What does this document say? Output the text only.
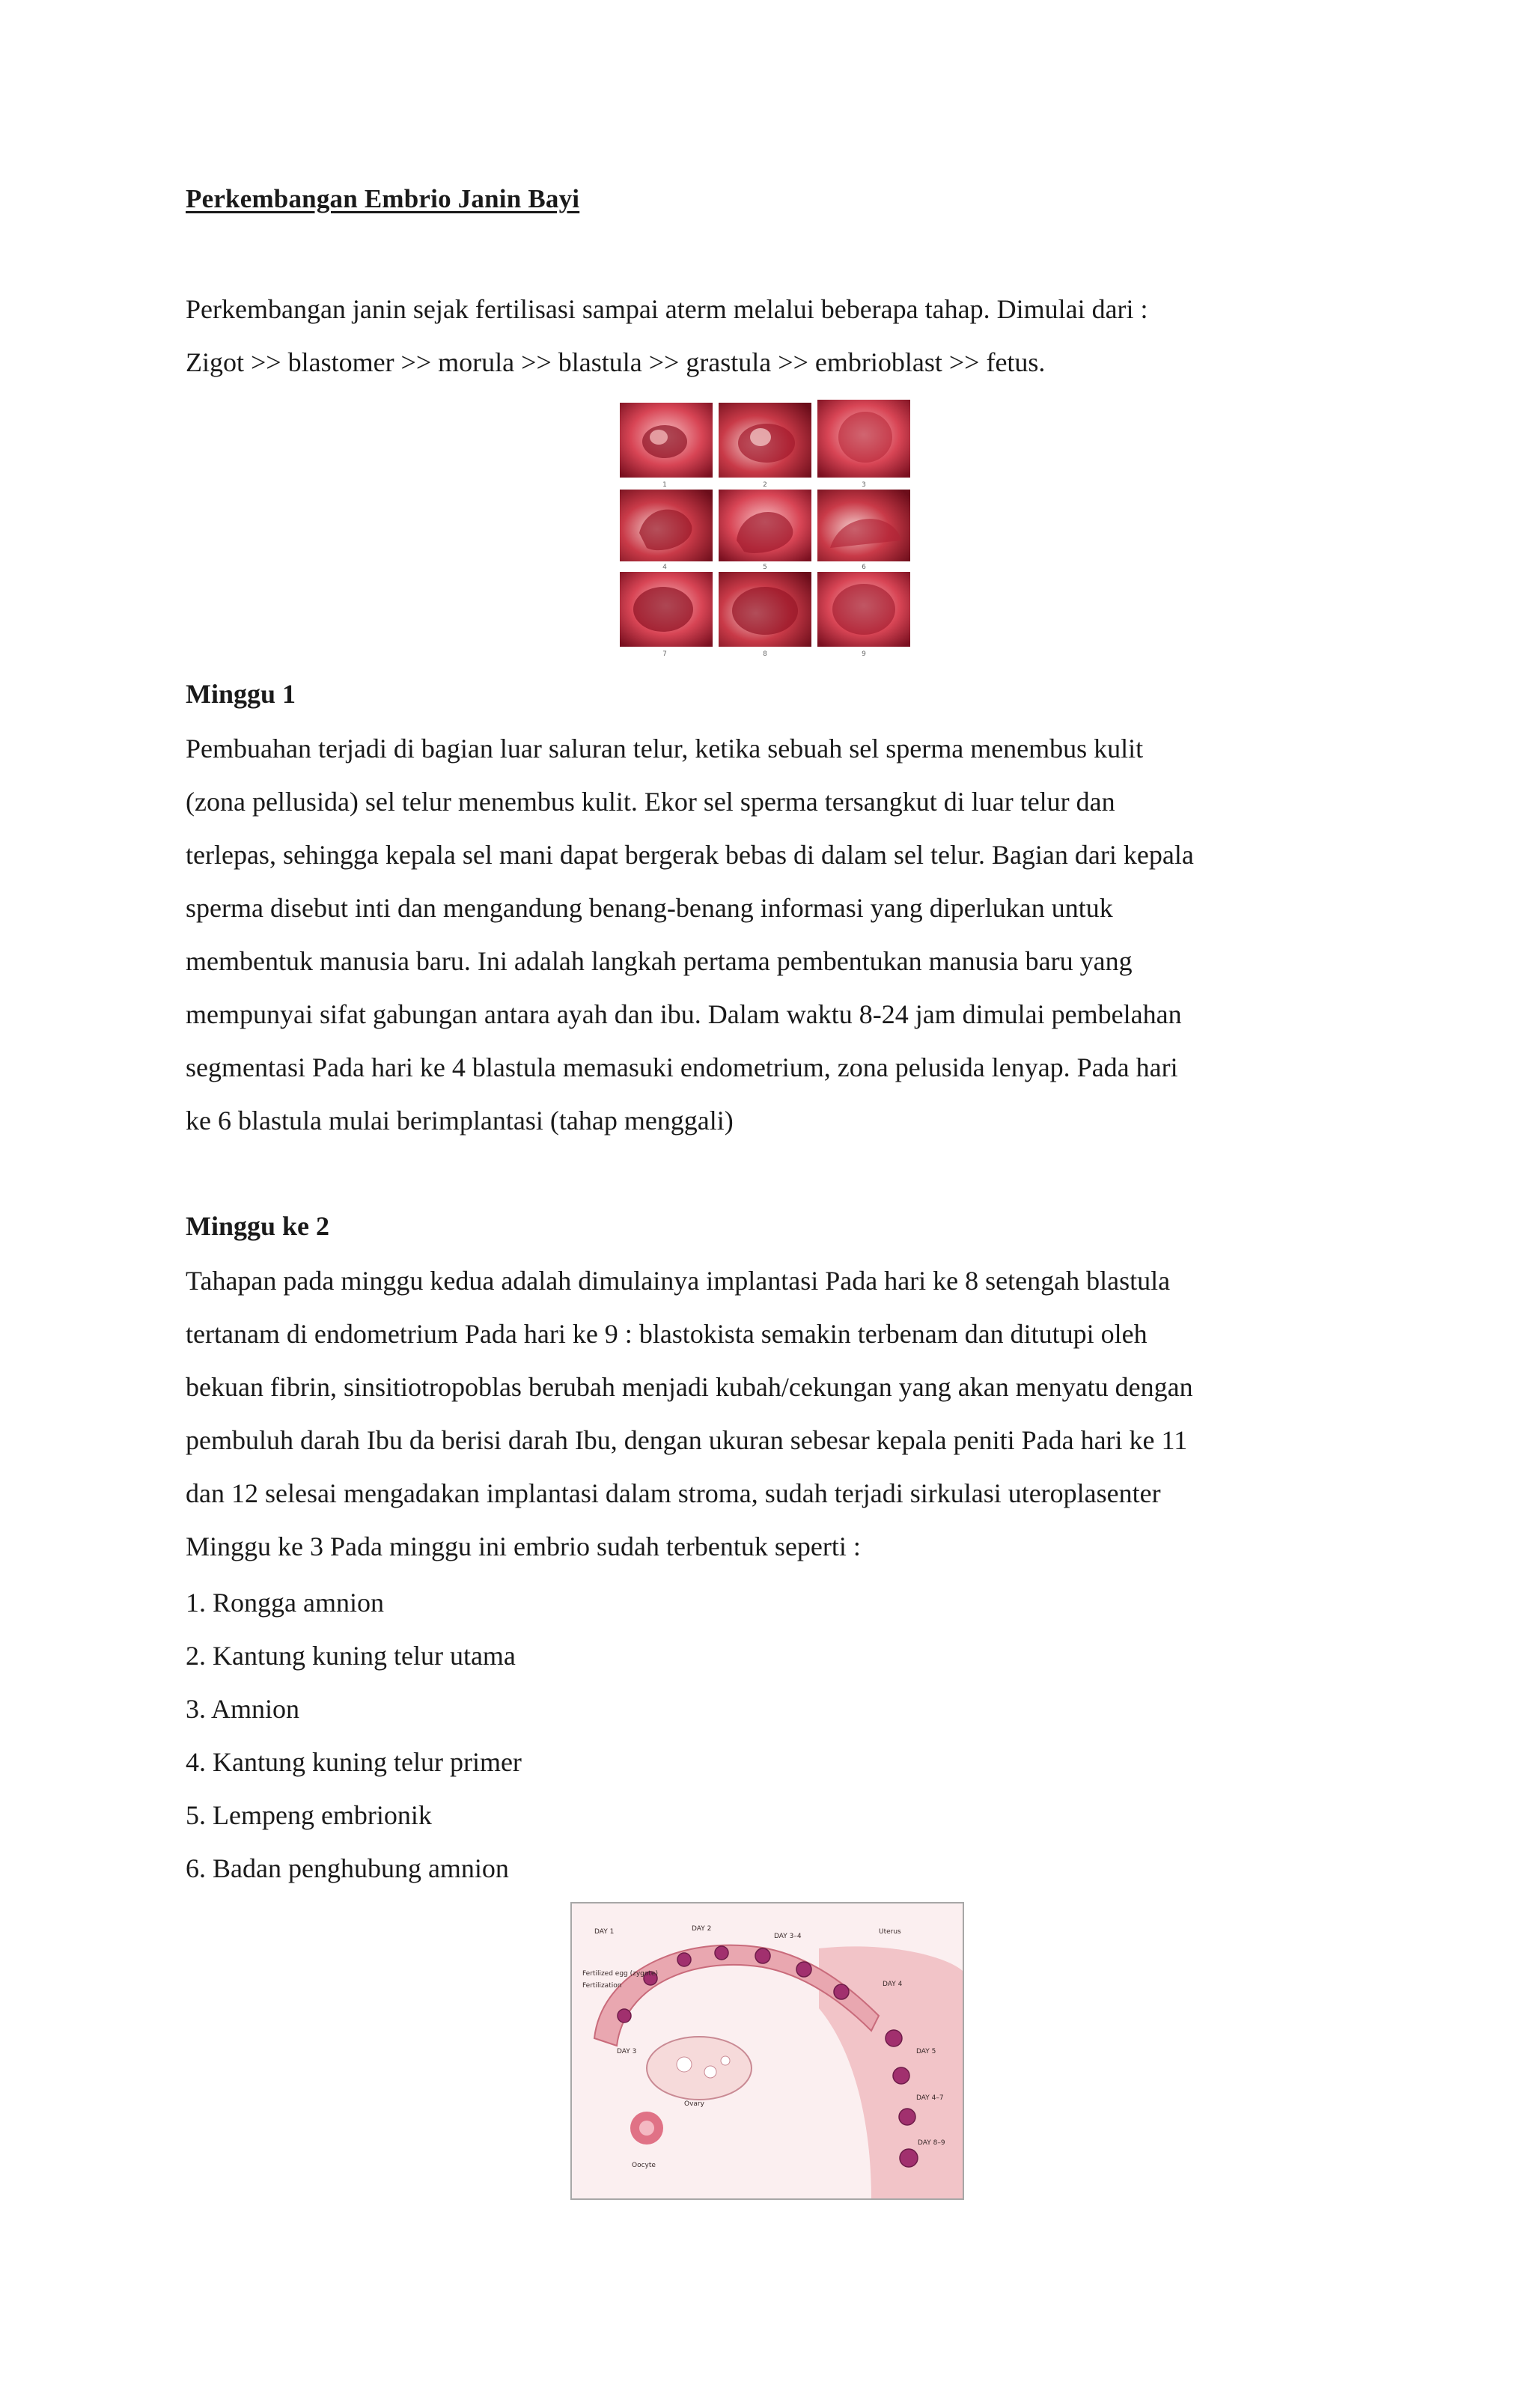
Perkembangan Embrio Janin Bayi

Perkembangan janin sejak fertilisasi sampai aterm melalui beberapa tahap. Dimulai dari :
Zigot >> blastomer >> morula >> blastula >> grastula >> embrioblast >> fetus.

Minggu 1

Pembuahan terjadi di bagian luar saluran telur, ketika sebuah sel sperma menembus kulit
(zona pellusida) sel telur menembus kulit. Ekor sel sperma tersangkut di luar telur dan
terlepas, sehingga kepala sel mani dapat bergerak bebas di dalam sel telur. Bagian dari kepala
sperma disebut inti dan mengandung benang-benang informasi yang diperlukan untuk
membentuk manusia baru. Ini adalah langkah pertama pembentukan manusia baru yang
mempunyai sifat gabungan antara ayah dan ibu. Dalam waktu 8-24 jam dimulai pembelahan
segmentasi Pada hari ke 4 blastula memasuki endometrium, zona pelusida lenyap. Pada hari
ke 6 blastula mulai berimplantasi (tahap menggali)

Minggu ke 2

Tahapan pada minggu kedua adalah dimulainya implantasi Pada hari ke 8 setengah blastula
tertanam di endometrium Pada hari ke 9 : blastokista semakin terbenam dan ditutupi oleh
bekuan fibrin, sinsitiotropoblas berubah menjadi kubah/cekungan yang akan menyatu dengan
pembuluh darah Ibu da berisi darah Ibu, dengan ukuran sebesar kepala peniti Pada hari ke 11
dan 12 selesai mengadakan implantasi dalam stroma, sudah terjadi sirkulasi uteroplasenter
Minggu ke 3 Pada minggu ini embrio sudah terbentuk seperti :

1. Rongga amnion
2. Kantung kuning telur utama
3. Amnion
4. Kantung kuning telur primer
5. Lempeng embrionik
6. Badan penghubung amnion
1	2	3
4	5	6
7	8	9
DAY 1	DAY 2
DAY 3–4
DAY 3
DAY 4
DAY 5
DAY 4–7
DAY 8–9
Uterus
Ovary
Oocyte
Fertilized egg (zygote)
Fertilization
